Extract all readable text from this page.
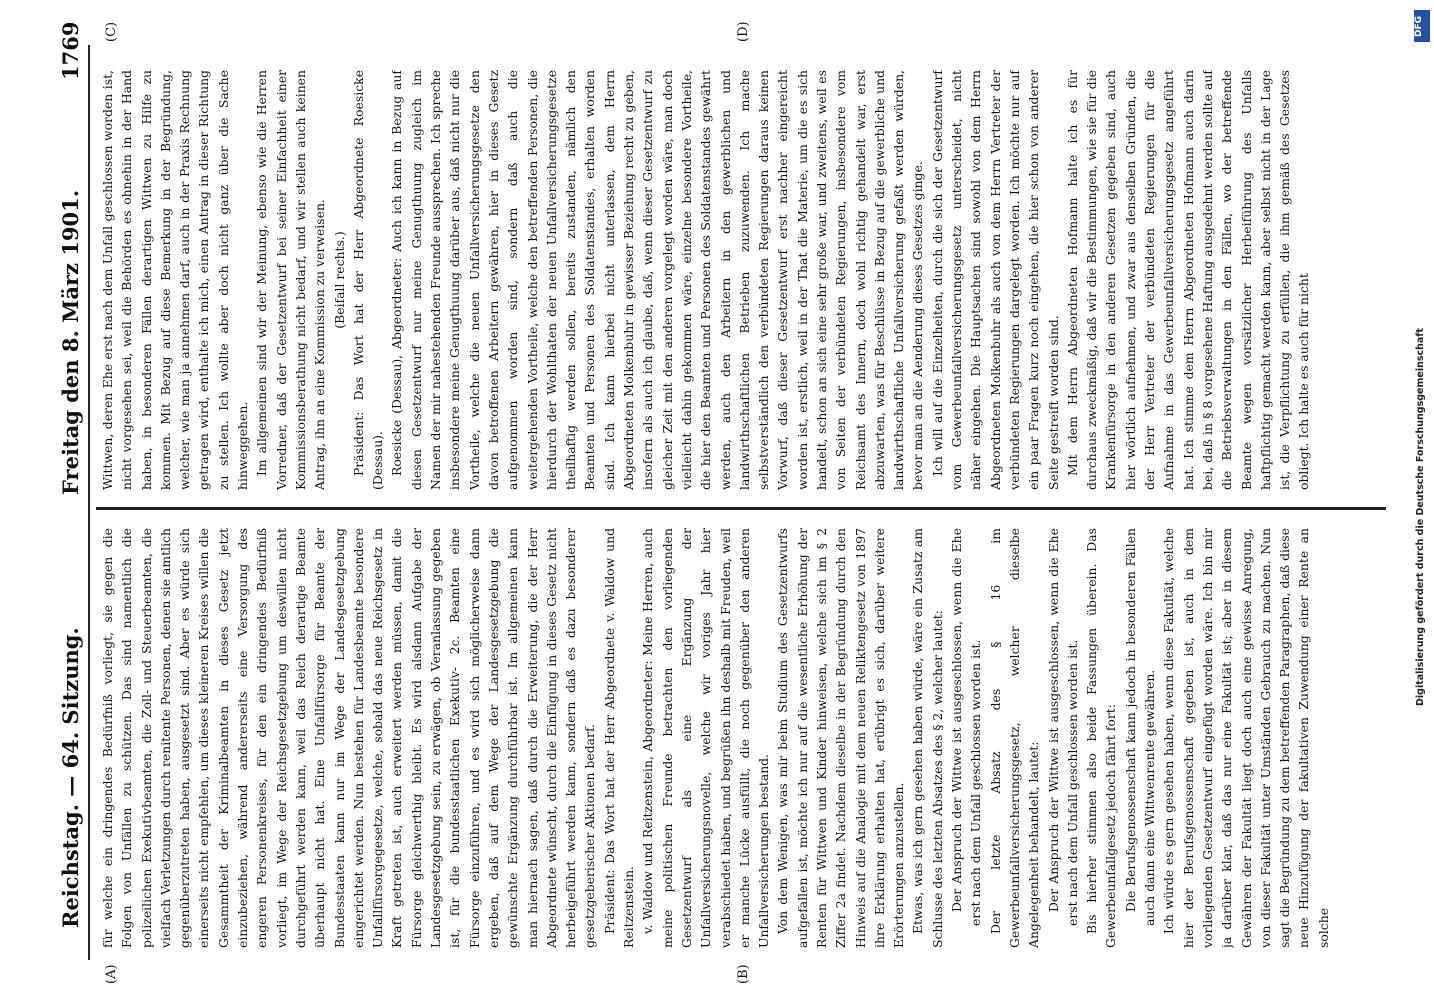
Reichstag. — 64. Sitzung.
Freitag den 8. März 1901.
1769
(A)	(B)
(C)	(D)

für welche ein dringendes Bedürfniß vorliegt, sie gegen die Folgen von Unfällen zu schützen. Das sind namentlich die polizeilichen Exekutivbeamten, die Zoll- und Steuerbeamten, die vielfach Verletzungen durch renitente Personen, denen sie amtlich gegenüberzutreten haben, ausgesetzt sind. Aber es würde sich einerseits nicht empfehlen, um dieses kleineren Kreises willen die Gesammtheit der Kriminalbeamten in dieses Gesetz jetzt einzubeziehen, während andererseits eine Versorgung des engeren Personenkreises, für den ein dringendes Bedürfniß vorliegt, im Wege der Reichsgesetzgebung um deswillen nicht durchgeführt werden kann, weil das Reich derartige Beamte überhaupt nicht hat. Eine Unfallfürsorge für Beamte der Bundesstaaten kann nur im Wege der Landesgesetzgebung eingerichtet werden. Nun bestehen für Landesbeamte besondere Unfallfürsorgegesetze, welche, sobald das neue Reichsgesetz in Kraft getreten ist, auch erweitert werden müssen, damit die Fürsorge gleichwerthig bleibt. Es wird alsdann Aufgabe der Landesgesetzgebung sein, zu erwägen, ob Veranlassung gegeben ist, für die bundesstaatlichen Exekutiv- 2c. Beamten eine Fürsorge einzuführen, und es wird sich möglicherweise dann ergeben, daß auf dem Wege der Landesgesetzgebung die gewünschte Ergänzung durchführbar ist. Im allgemeinen kann man hiernach sagen, daß durch die Erweiterung, die der Herr Abgeordnete wünscht, durch die Einfügung in dieses Gesetz nicht herbeigeführt werden kann, sondern daß es dazu besonderer gesetzgeberischer Aktionen bedarf. Präsident: Das Wort hat der Herr Abgeordnete v. Waldow und Reitzenstein. v. Waldow und Reitzenstein, Abgeordneter: Meine Herren, auch meine politischen Freunde betrachten den vorliegenden Gesetzentwurf als eine Ergänzung der Unfallversicherungsnovelle, welche wir voriges Jahr hier verabschiedet haben, und begrüßen ihn deshalb mit Freuden, weil er manche Lücke ausfüllt, die noch gegenüber den anderen Unfallversicherungen bestand. Von dem Wenigen, was mir beim Studium des Gesetzentwurfs aufgefallen ist, möchte ich nur auf die wesentliche Erhöhung der Renten für Wittwen und Kinder hinweisen, welche sich im § 2 Ziffer 2a findet. Nachdem dieselbe in der Begründung durch den Hinweis auf die Analogie mit dem neuen Reliktengesetz von 1897 ihre Erklärung erhalten hat, erübrigt es sich, darüber weitere Erörterungen anzustellen. Etwas, was ich gern gesehen haben würde, wäre ein Zusatz am Schlusse des letzten Absatzes des § 2, welcher lautet: Der Anspruch der Wittwe ist ausgeschlossen, wenn die Ehe erst nach dem Unfall geschlossen worden ist. Der letzte Absatz des § 16 im Gewerbeunfallversicherungsgesetz, welcher dieselbe Angelegenheit behandelt, lautet: Der Anspruch der Wittwe ist ausgeschlossen, wenn die Ehe erst nach dem Unfall geschlossen worden ist. Bis hierher stimmen also beide Fassungen überein. Das Gewerbeunfallgesetz jedoch fährt fort: Die Berufsgenossenschaft kann jedoch in besonderen Fällen auch dann eine Wittwenrente gewähren. Ich würde es gern gesehen haben, wenn diese Fakultät, welche hier der Berufsgenossenschaft gegeben ist, auch in dem vorliegenden Gesetzentwurf eingefügt worden wäre. Ich bin mir ja darüber klar, daß das nur eine Fakultät ist; aber in diesem Gewähren der Fakultät liegt doch auch eine gewisse Anregung, von dieser Fakultät unter Umständen Gebrauch zu machen. Nun sagt die Begründung zu dem betreffenden Paragraphen, daß diese neue Hinzufügung der fakultativen Zuwendung einer Rente an solche

Wittwen, deren Ehe erst nach dem Unfall geschlossen worden ist, nicht vorgesehen sei, weil die Behörden es ohnehin in der Hand haben, in besonderen Fällen derartigen Wittwen zu Hilfe zu kommen. Mit Bezug auf diese Bemerkung in der Begründung, welcher, wie man ja annehmen darf, auch in der Praxis Rechnung getragen wird, enthalte ich mich, einen Antrag in dieser Richtung zu stellen. Ich wollte aber doch nicht ganz über die Sache hinweggehen. Im allgemeinen sind wir der Meinung, ebenso wie die Herren Vorredner, daß der Gesetzentwurf bei seiner Einfachheit einer Kommissionsberathung nicht bedarf, und wir stellen auch keinen Antrag, ihn an eine Kommission zu verweisen. (Beifall rechts.) Präsident: Das Wort hat der Herr Abgeordnete Roesicke (Dessau). Roesicke (Dessau), Abgeordneter: Auch ich kann in Bezug auf diesen Gesetzentwurf nur meine Genugthuung zugleich im Namen der mir nahestehenden Freunde aussprechen. Ich spreche insbesondere meine Genugthuung darüber aus, daß nicht nur die Vortheile, welche die neuen Unfallversicherungsgesetze den davon betroffenen Arbeitern gewähren, hier in dieses Gesetz aufgenommen worden sind, sondern daß auch die weitergehenden Vortheile, welche den betreffenden Personen, die hierdurch der Wohlthaten der neuen Unfallversicherungsgesetze theilhaftig werden sollen, bereits zustanden, nämlich den Beamten und Personen des Soldatenstandes, erhalten worden sind. Ich kann hierbei nicht unterlassen, dem Herrn Abgeordneten Molkenbuhr in gewisser Beziehung recht zu geben, insofern als auch ich glaube, daß, wenn dieser Gesetzentwurf zu gleicher Zeit mit den anderen vorgelegt worden wäre, man doch vielleicht dahin gekommen wäre, einzelne besondere Vortheile, die hier den Beamten und Personen des Soldatenstandes gewährt werden, auch den Arbeitern in den gewerblichen und landwirthschaftlichen Betrieben zuzuwenden. Ich mache selbstverständlich den verbündeten Regierungen daraus keinen Vorwurf, daß dieser Gesetzentwurf erst nachher eingereicht worden ist, erstlich, weil in der That die Materie, um die es sich handelt, schon an sich eine sehr große war, und zweitens, weil es von Seiten der verbündeten Regierungen, insbesondere vom Reichsamt des Innern, doch wohl richtig gehandelt war, erst abzuwarten, was für Beschlüsse in Bezug auf die gewerbliche und landwirthschaftliche Unfallversicherung gefaßt werden würden, bevor man an die Aenderung dieses Gesetzes ginge. Ich will auf die Einzelheiten, durch die sich der Gesetzentwurf vom Gewerbeunfallversicherungsgesetz unterscheidet, nicht näher eingehen. Die Hauptsachen sind sowohl von dem Herrn Abgeordneten Molkenbuhr als auch von dem Herrn Vertreter der verbündeten Regierungen dargelegt worden. Ich möchte nur auf ein paar Fragen kurz noch eingehen, die hier schon von anderer Seite gestreift worden sind. Mit dem Herrn Abgeordneten Hofmann halte ich es für durchaus zweckmäßig, daß wir die Bestimmungen, wie sie für die Krankenfürsorge in den anderen Gesetzen gegeben sind, auch hier wörtlich aufnehmen, und zwar aus denselben Gründen, die der Herr Vertreter der verbündeten Regierungen für die Aufnahme in das Gewerbeunfallversicherungsgesetz angeführt hat. Ich stimme dem Herrn Abgeordneten Hofmann auch darin bei, daß in § 8 vorgesehene Haftung ausgedehnt werden sollte auf die Betriebsverwaltungen in den Fällen, wo der betreffende Beamte wegen vorsätzlicher Herbeiführung des Unfalls haftpflichtig gemacht werden kann, aber selbst nicht in der Lage ist, die Verpflichtung zu erfüllen, die ihm gemäß des Gesetzes obliegt. Ich halte es auch für nicht

DFG
Digitalisierung gefördert durch die Deutsche Forschungsgemeinschaft
